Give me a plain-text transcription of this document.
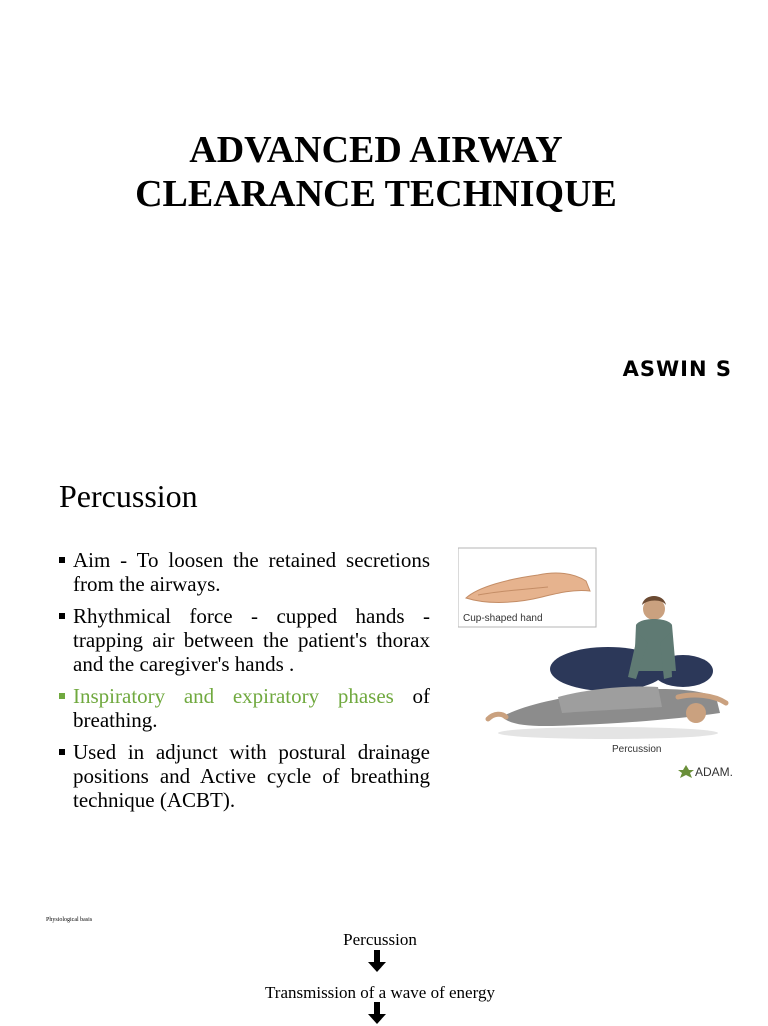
ADVANCED AIRWAY
CLEARANCE TECHNIQUE
ASWIN S
Percussion
Aim - To loosen the retained secretions from the airways.
Rhythmical force - cupped hands - trapping air between the patient's thorax and the caregiver's hands .
Inspiratory and expiratory phases of breathing.
Used in adjunct with postural drainage positions and Active cycle of breathing technique (ACBT).
Cup-shaped hand
Percussion
ADAM.
Physiological basis
Percussion
Transmission of a wave of energy
